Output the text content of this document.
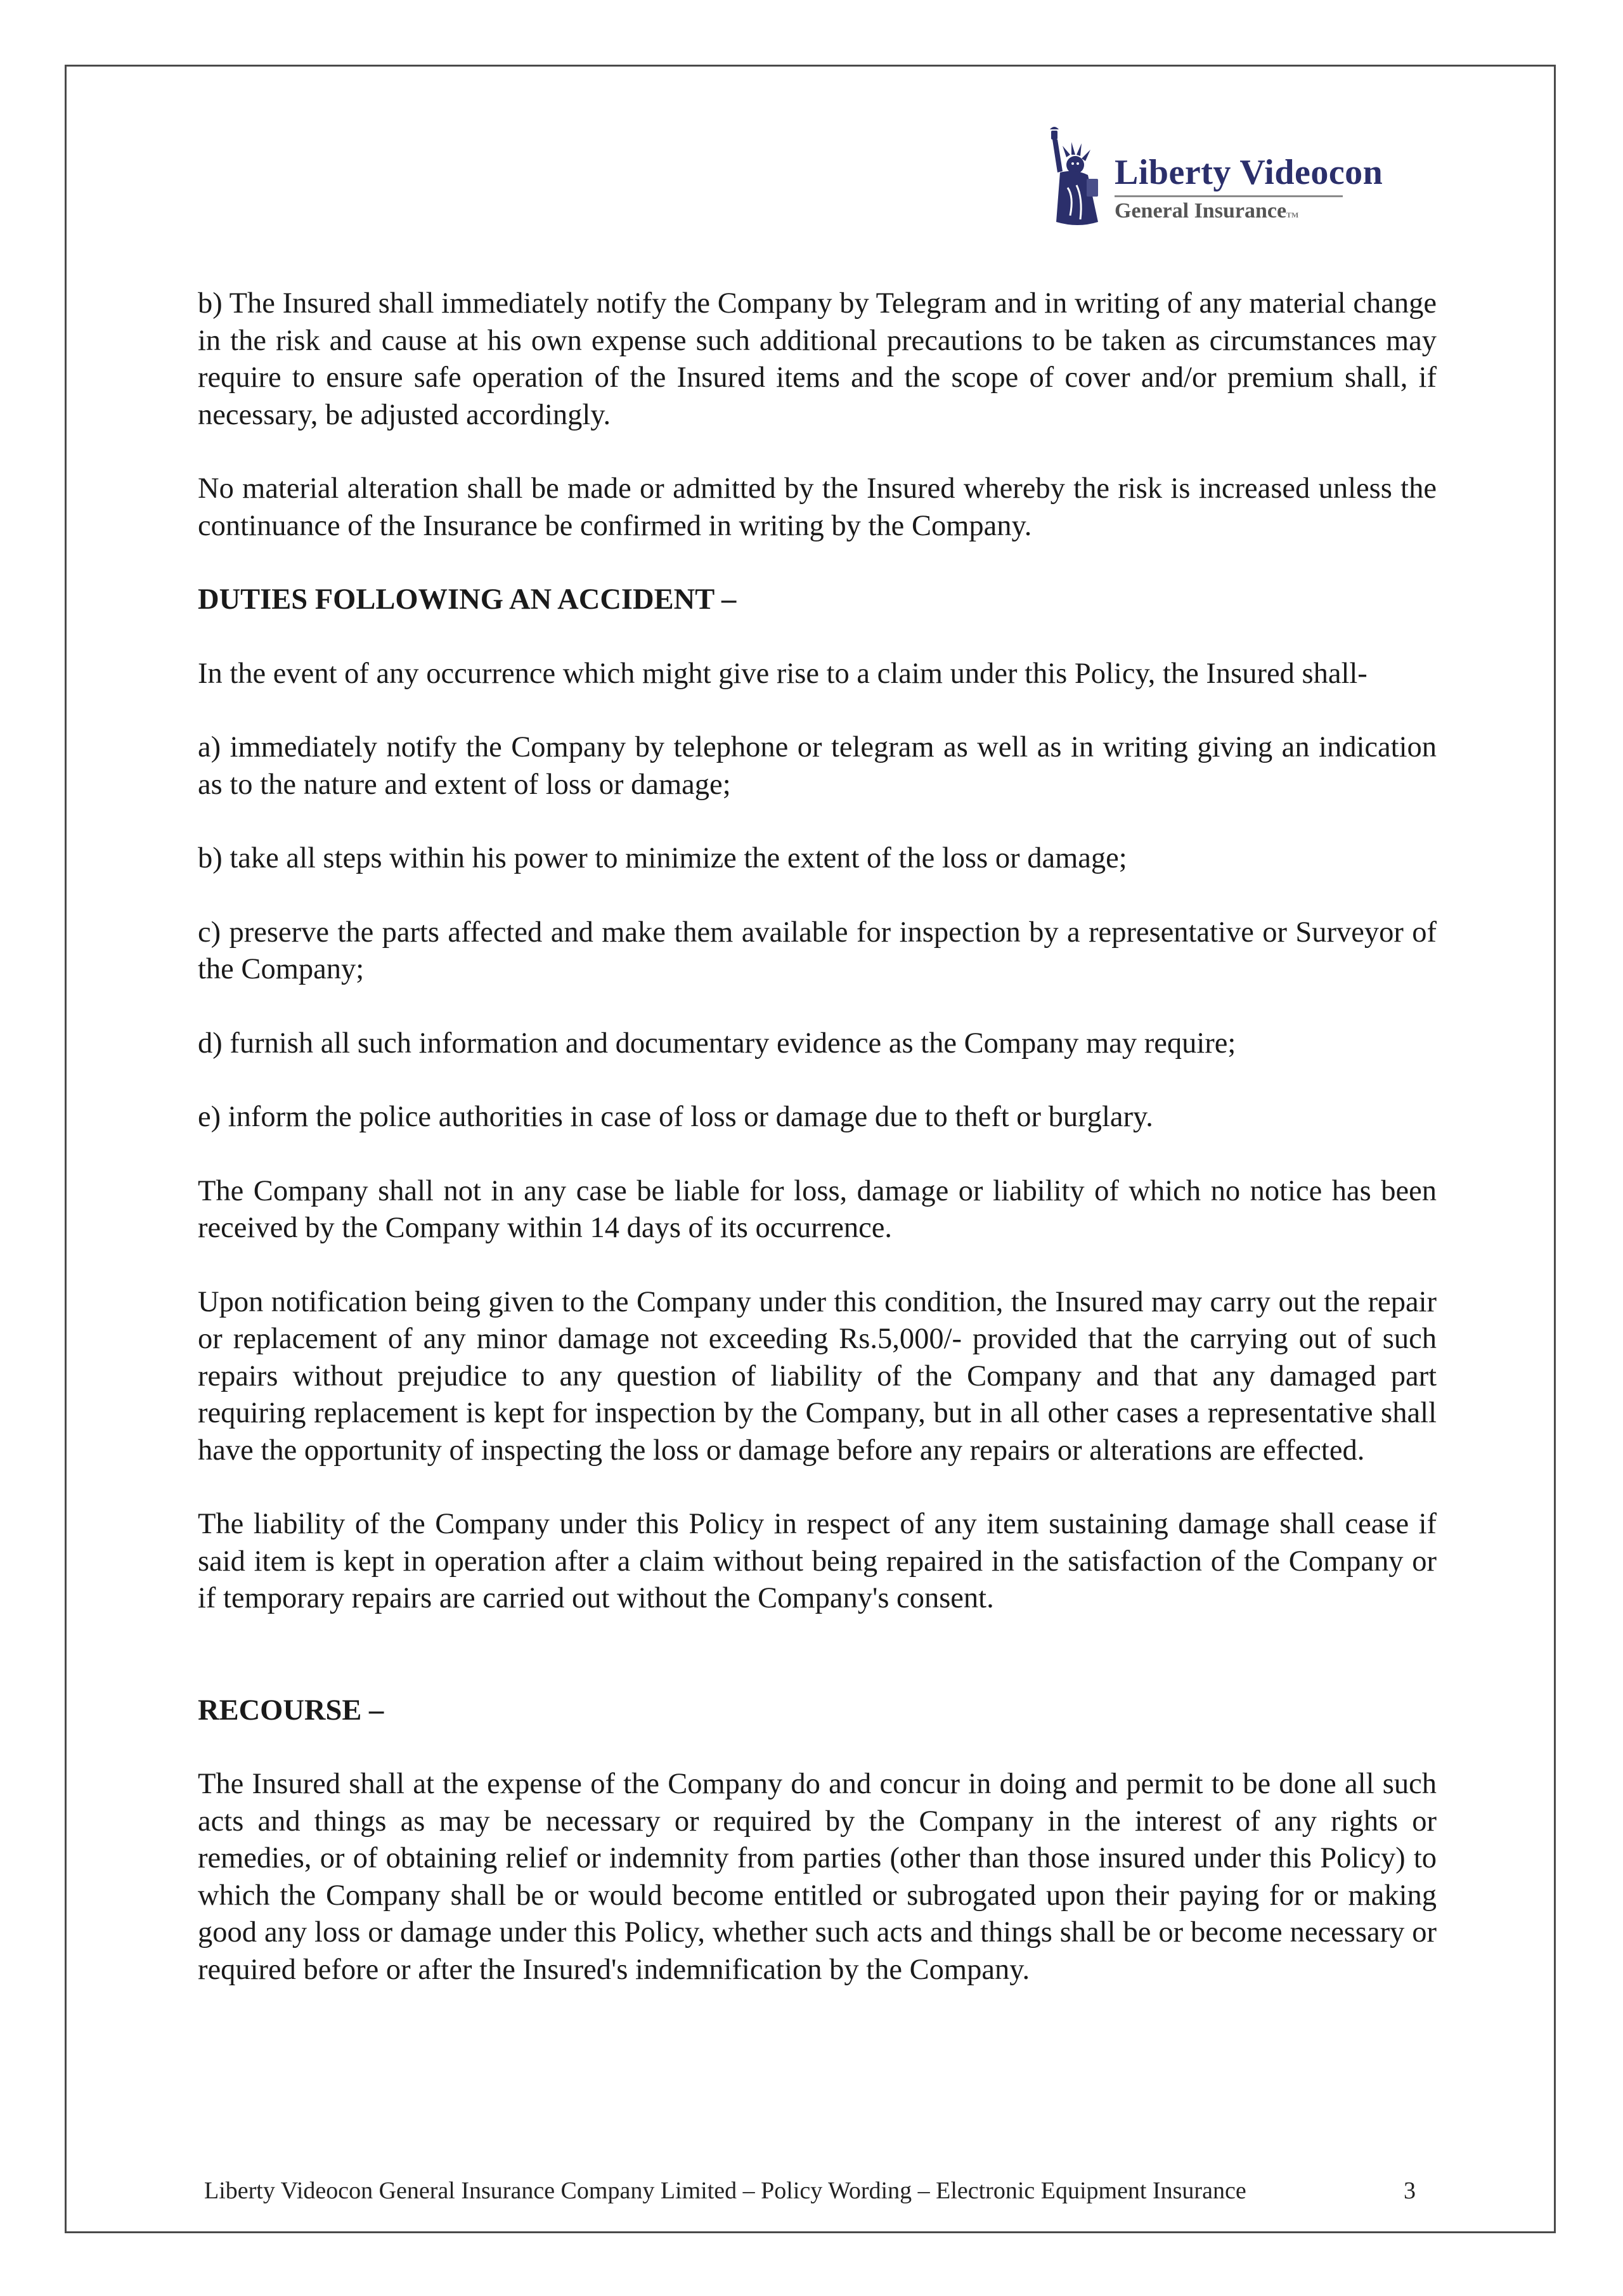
Liberty Videocon
General InsuranceTM

b) The Insured shall immediately notify the Company by Telegram and in writing of any material change in the risk and cause at his own expense such additional precautions to be taken as circumstances may require to ensure safe operation of the Insured items and the scope of cover and/or premium shall, if necessary, be adjusted accordingly.

No material alteration shall be made or admitted by the Insured whereby the risk is increased unless the continuance of the Insurance be confirmed in writing by the Company.

DUTIES FOLLOWING AN ACCIDENT –

In the event of any occurrence which might give rise to a claim under this Policy, the Insured shall-

a) immediately notify the Company by telephone or telegram as well as in writing giving an indication as to the nature and extent of loss or damage;

b) take all steps within his power to minimize the extent of the loss or damage;

c) preserve the parts affected and make them available for inspection by a representative or Surveyor of the Company;

d) furnish all such information and documentary evidence as the Company may require;

e) inform the police authorities in case of loss or damage due to theft or burglary.

The Company shall not in any case be liable for loss, damage or liability of which no notice has been received by the Company within 14 days of its occurrence.

Upon notification being given to the Company under this condition, the Insured may carry out the repair or replacement of any minor damage not exceeding Rs.5,000/- provided that the carrying out of such repairs without prejudice to any question of liability of the Company and that any damaged part requiring replacement is kept for inspection by the Company, but in all other cases a representative shall have the opportunity of inspecting the loss or damage before any repairs or alterations are effected.

The liability of the Company under this Policy in respect of any item sustaining damage shall cease if said item is kept in operation after a claim without being repaired in the satisfaction of the Company or if temporary repairs are carried out without the Company's consent.

RECOURSE –

The Insured shall at the expense of the Company do and concur in doing and permit to be done all such acts and things as may be necessary or required by the Company in the interest of any rights or remedies, or of obtaining relief or indemnity from parties (other than those insured under this Policy) to which the Company shall be or would become entitled or subrogated upon their paying for or making good any loss or damage under this Policy, whether such acts and things shall be or become necessary or required before or after the Insured's indemnification by the Company.

Liberty Videocon General Insurance Company Limited – Policy Wording – Electronic Equipment Insurance	3
